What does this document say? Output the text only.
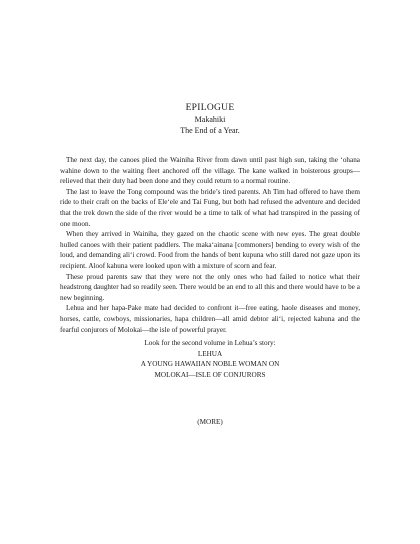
EPILOGUE
Makahiki
The End of a Year.

The next day, the canoes plied the Wainiha River from dawn until past high sun, taking the ‘ohana wahine down to the waiting fleet anchored off the village. The kane walked in boisterous groups—relieved that their duty had been done and they could return to a normal routine.

The last to leave the Tong compound was the bride’s tired parents. Ah Tim had offered to have them ride to their craft on the backs of Ele‘ele and Tai Fung, but both had refused the adventure and decided that the trek down the side of the river would be a time to talk of what had transpired in the passing of one moon.

When they arrived in Wainiha, they gazed on the chaotic scene with new eyes. The great double hulled canoes with their patient paddlers. The maka‘ainana [commoners] bending to every wish of the loud, and demanding ali‘i crowd. Food from the hands of bent kupuna who still dared not gaze upon its recipient. Aloof kahuna were looked upon with a mixture of scorn and fear.

These proud parents saw that they were not the only ones who had failed to notice what their headstrong daughter had so readily seen. There would be an end to all this and there would have to be a new beginning.

Lehua and her hapa-Pake mate had decided to confront it—free eating, haole diseases and money, horses, cattle, cowboys, missionaries, hapa children—all amid debtor ali‘i, rejected kahuna and the fearful conjurors of Molokai—the isle of powerful prayer.

Look for the second volume in Lehua’s story:
LEHUA
A YOUNG HAWAIIAN NOBLE WOMAN ON
MOLOKAI—ISLE OF CONJURORS
(MORE)
